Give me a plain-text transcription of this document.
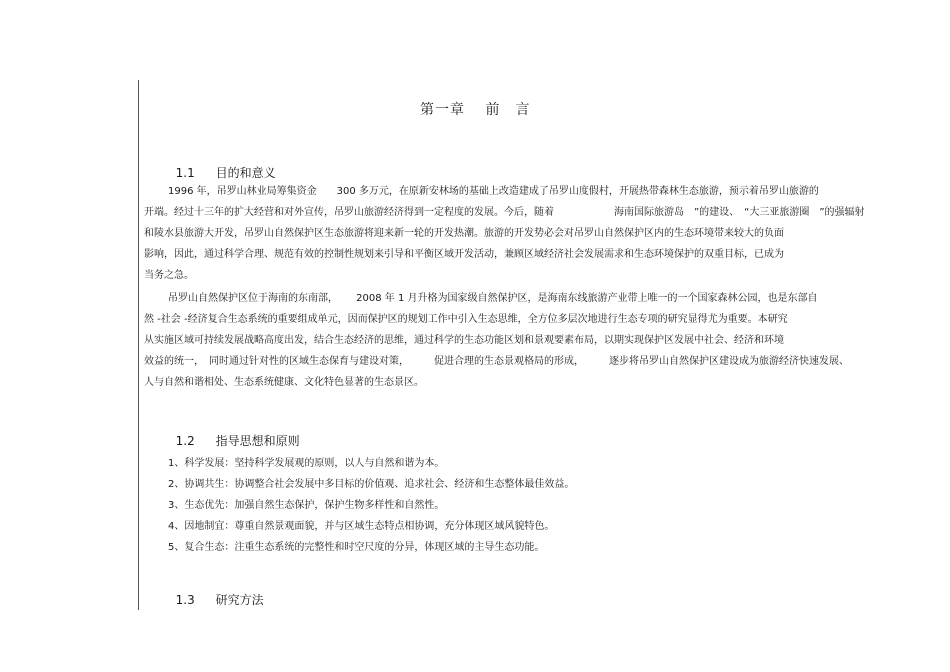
第一章　 前　言

1.1 目的和意义

1996 年，吊罗山林业局筹集资金　　300 多万元，在原新安林场的基础上改造建成了吊罗山度假村，开展热带森林生态旅游，预示着吊罗山旅游的
开端。经过十三年的扩大经营和对外宣传，吊罗山旅游经济得到一定程度的发展。今后，随着　　　　　　海南国际旅游岛　”的建设、　“大三亚旅游圈　”的强辐射
和陵水县旅游大开发，吊罗山自然保护区生态旅游将迎来新一轮的开发热潮。旅游的开发势必会对吊罗山自然保护区内的生态环境带来较大的负面
影响，因此，通过科学合理、规范有效的控制性规划来引导和平衡区域开发活动，兼顾区域经济社会发展需求和生态环境保护的双重目标，已成为
当务之急。
吊罗山自然保护区位于海南的东南部，　　 2008 年 1 月升格为国家级自然保护区，是海南东线旅游产业带上唯一的一个国家森林公园，也是东部自
然 -社会 -经济复合生态系统的重要组成单元，因而保护区的规划工作中引入生态思维，全方位多层次地进行生态专项的研究显得尤为重要。本研究
从实施区域可持续发展战略高度出发，结合生态经济的思维，通过科学的生态功能区划和景观要素布局，以期实现保护区发展中社会、经济和环境
效益的统一，　同时通过针对性的区域生态保育与建设对策，　　　促进合理的生态景观格局的形成，　　　逐步将吊罗山自然保护区建设成为旅游经济快速发展、
人与自然和谐相处、生态系统健康、文化特色显著的生态景区。

1.2 指导思想和原则

1、科学发展：坚持科学发展观的原则，以人与自然和谐为本。
2、协调共生：协调整合社会发展中多目标的价值观、追求社会、经济和生态整体最佳效益。
3、生态优先：加强自然生态保护，保护生物多样性和自然性。
4、因地制宜：尊重自然景观面貌，并与区域生态特点相协调，充分体现区域风貌特色。
5、复合生态：注重生态系统的完整性和时空尺度的分异，体现区域的主导生态功能。

1.3 研究方法
